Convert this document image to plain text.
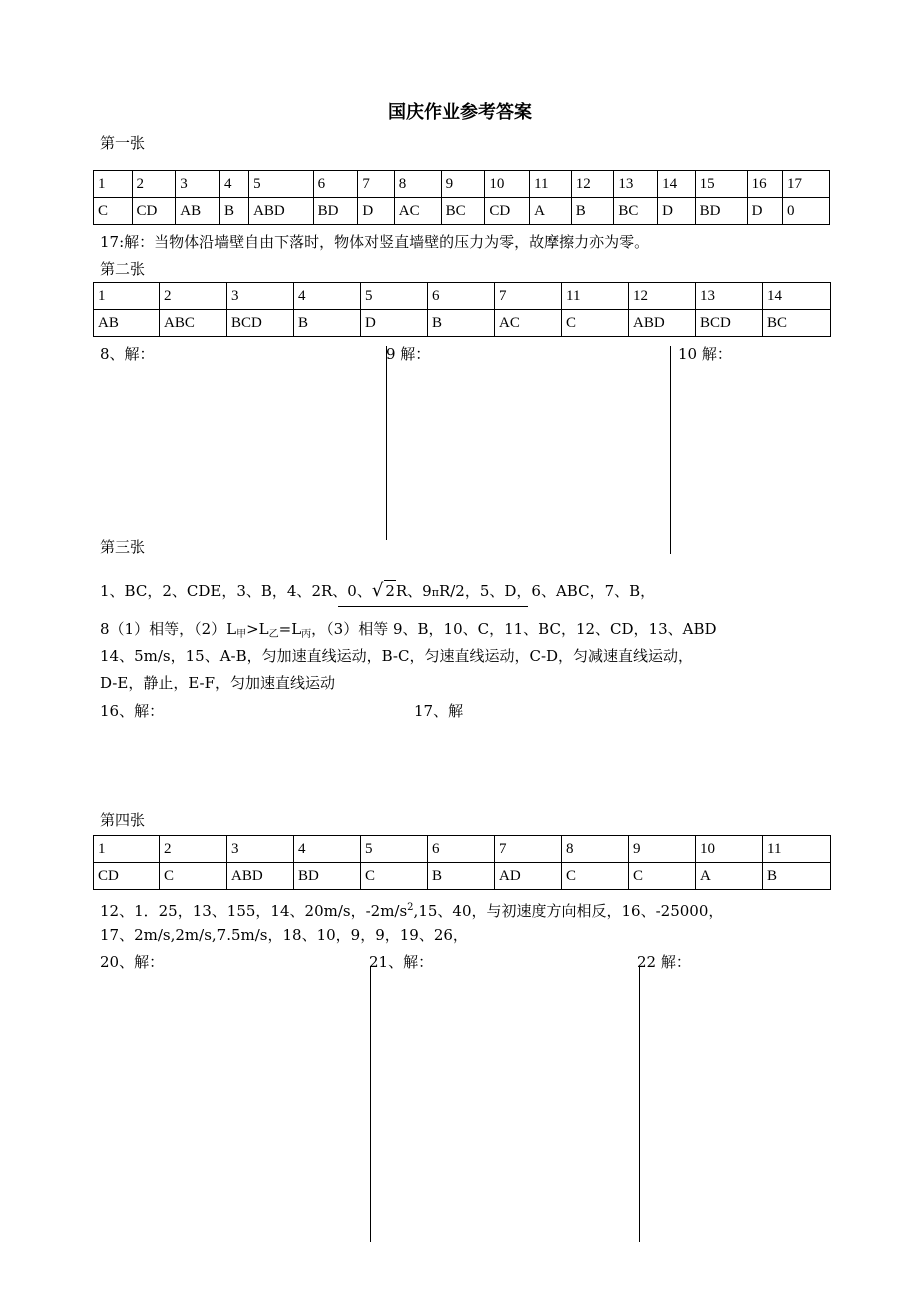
国庆作业参考答案
第一张
1	2	3	4	5	6	7	8	9	10	11	12	13	14	15	16	17
C	CD	AB	B	ABD	BD	D	AC	BC	CD	A	B	BC	D	BD	D	0
17:解：当物体沿墙壁自由下落时，物体对竖直墙壁的压力为零，故摩擦力亦为零。
第二张
1	2	3	4	5	6	7	11	12	13	14
AB	ABC	BCD	B	D	B	AC	C	ABD	BCD	BC
8、解：	9 解：	10 解：
第三张
1、BC，2、CDE，3、B，4、2R、0、√ 2R、9πR/2，5、D，6、ABC，7、B，
8（1）相等，$(2)L_甲>L_乙=L_丙$，（3）相等 9、B，10、C，11、BC，12、CD，13、ABD
14、5m/s，15、A-B，匀加速直线运动，B-C，匀速直线运动，C-D，匀减速直线运动，
D-E，静止，E-F，匀加速直线运动
16、解：	17、解
第四张
1	2	3	4	5	6	7	8	9	10	11
CD	C	ABD	BD	C	B	AD	C	C	A	B
12、1．25，13、155，14、20m/s，$-2m/s^2,15$、40，与初速度方向相反，16、-25000，
17、2m/s,2m/s,7.5m/s，18、10，9，9，19、26，
20、解：	21、解：	22 解：
